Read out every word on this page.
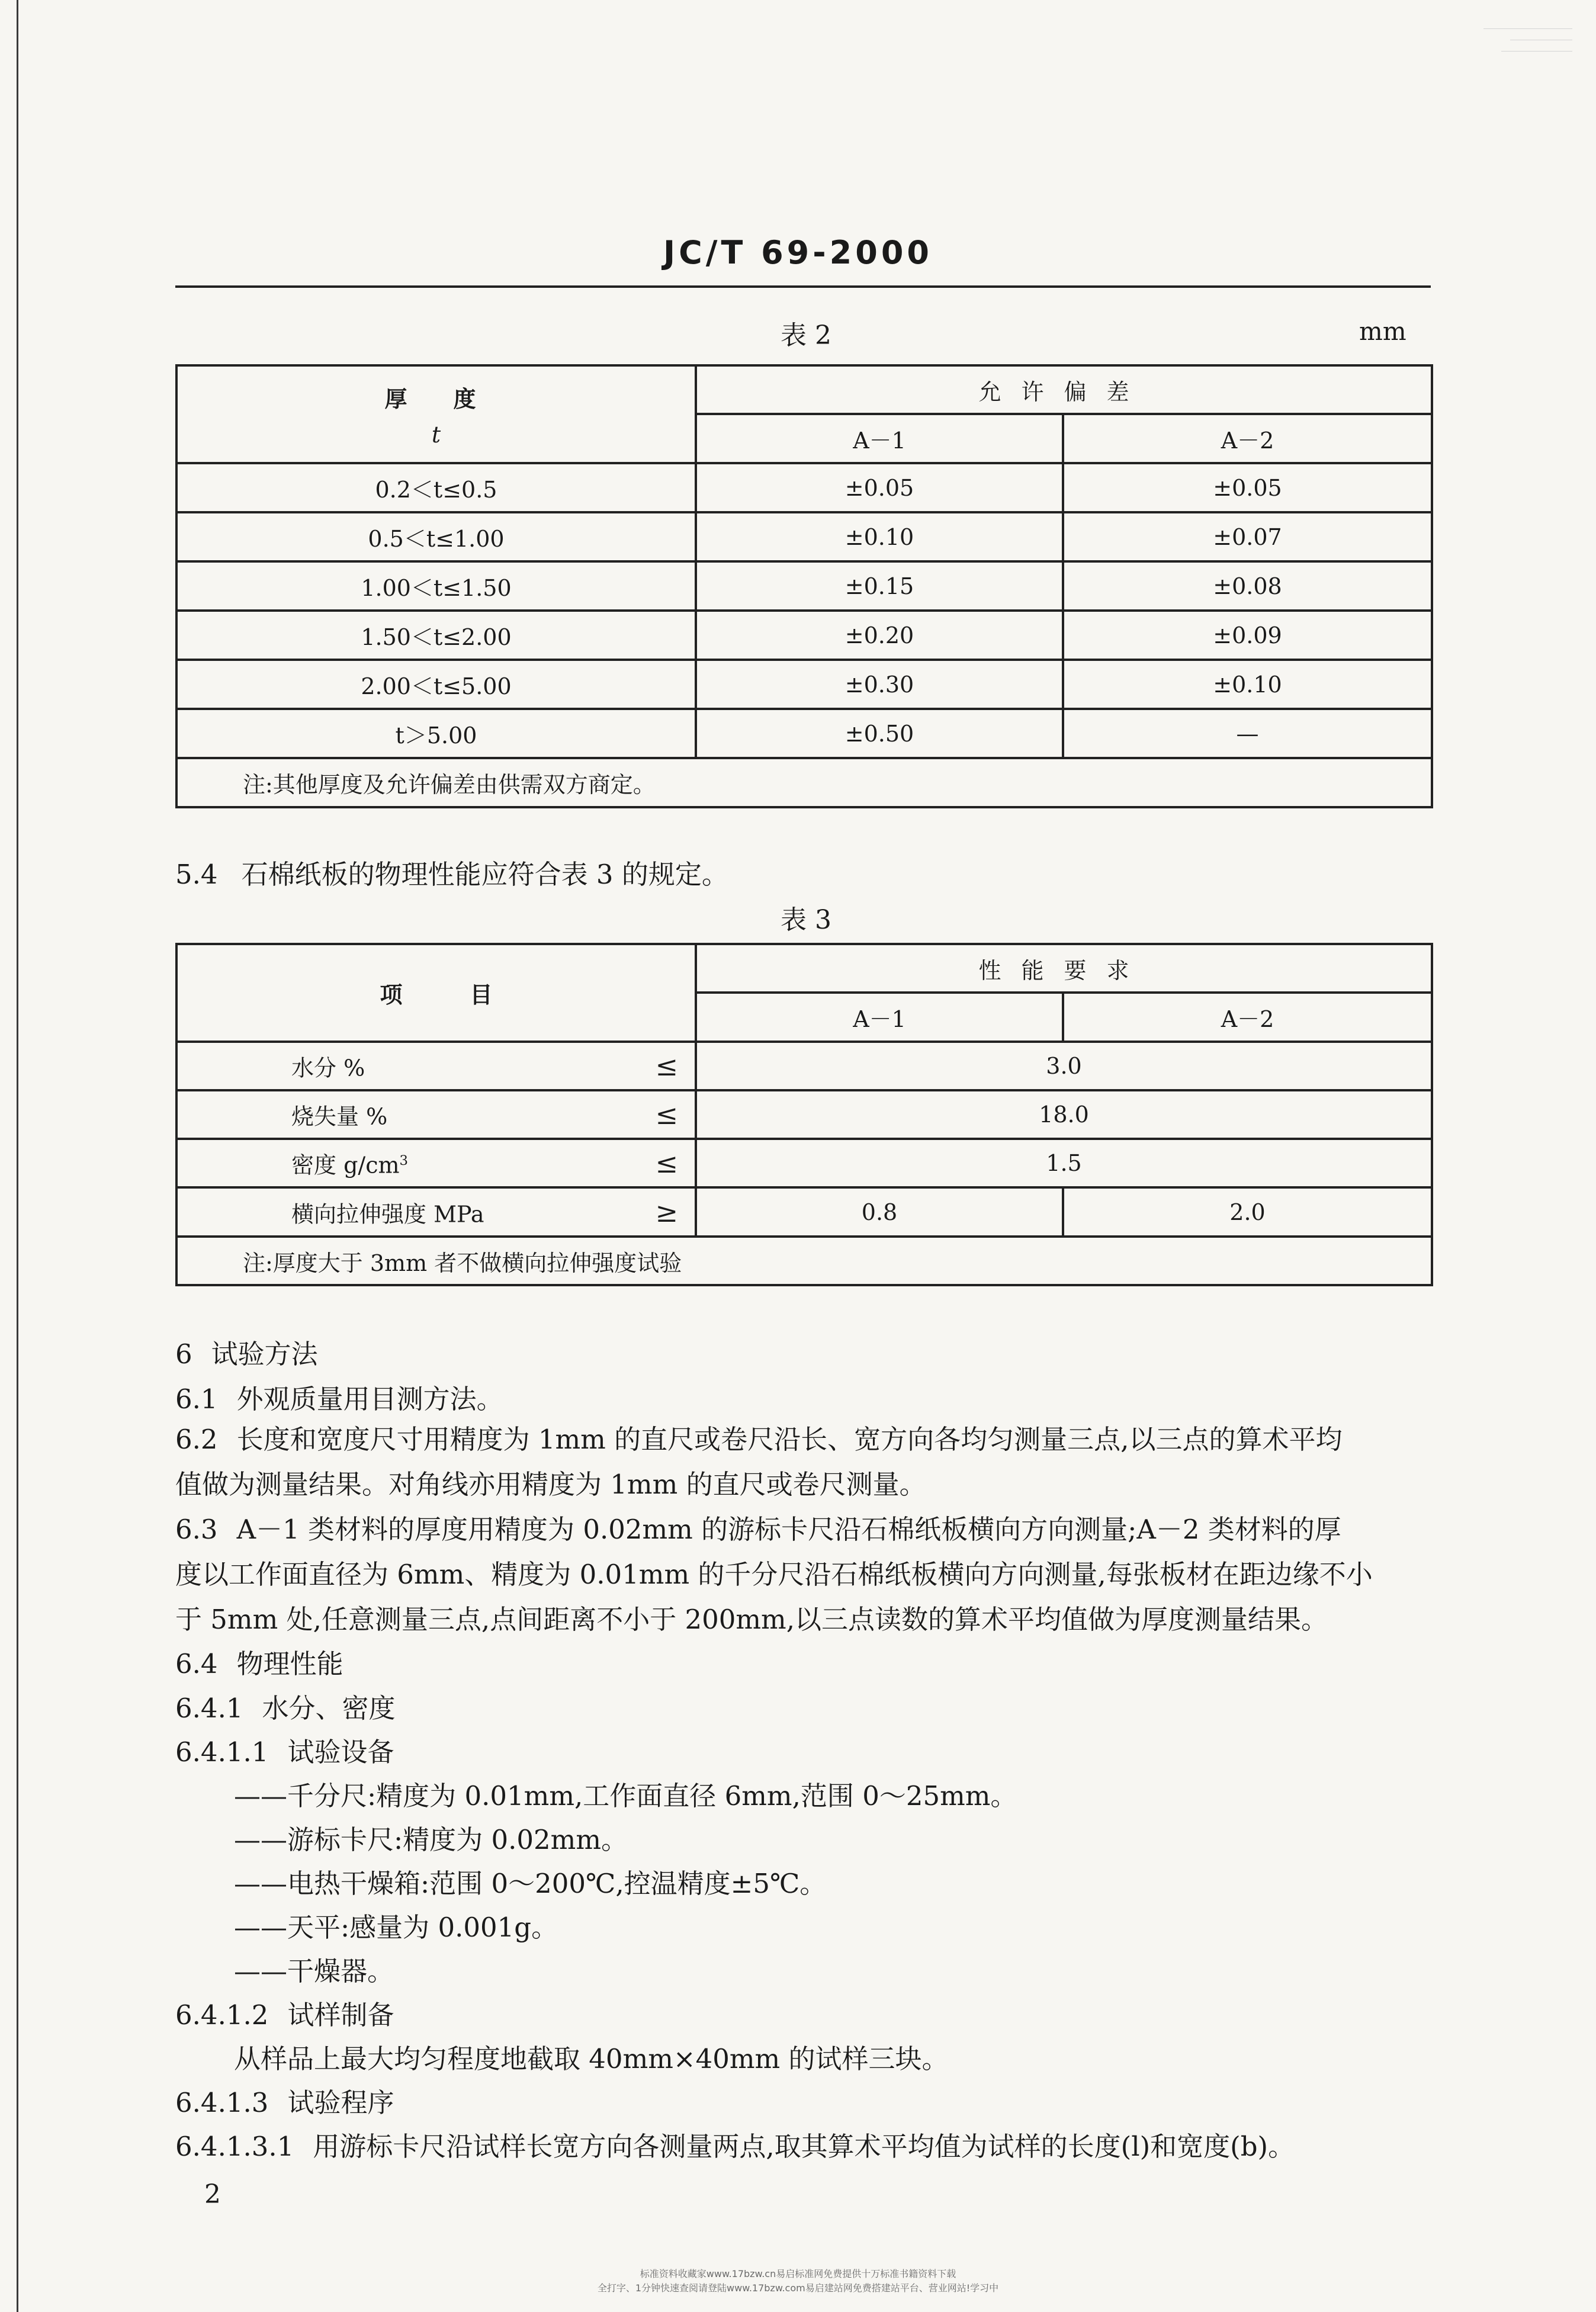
JC/T 69-2000
表 2	mm
厚　度
t	允许偏差	
	A－1	A－2
0.2＜t≤0.5	±0.05	±0.05
0.5＜t≤1.00	±0.10	±0.07
1.00＜t≤1.50	±0.15	±0.08
1.50＜t≤2.00	±0.20	±0.09
2.00＜t≤5.00	±0.30	±0.10
t＞5.00	±0.50	—
注:其他厚度及允许偏差由供需双方商定。		
5.4 石棉纸板的物理性能应符合表 3 的规定。
表 3
项　　　目	性能要求	
	A－1	A－2

水分 % ≤	3.0	

烧失量 % ≤	18.0	

密度 $g/cm^3$ ≤	1.5	

横向拉伸强度 MPa ≥	0.8	2.0
注:厚度大于 3mm 者不做横向拉伸强度试验		
6 试验方法
6.1 外观质量用目测方法。
6.2 长度和宽度尺寸用精度为 1mm 的直尺或卷尺沿长、宽方向各均匀测量三点,以三点的算术平均
值做为测量结果。对角线亦用精度为 1mm 的直尺或卷尺测量。
6.3 A－1 类材料的厚度用精度为 0.02mm 的游标卡尺沿石棉纸板横向方向测量;A－2 类材料的厚
度以工作面直径为 6mm、精度为 0.01mm 的千分尺沿石棉纸板横向方向测量,每张板材在距边缘不小
于 5mm 处,任意测量三点,点间距离不小于 200mm,以三点读数的算术平均值做为厚度测量结果。
6.4 物理性能
6.4.1 水分、密度
6.4.1.1 试验设备
——千分尺:精度为 0.01mm,工作面直径 6mm,范围 0～25mm。
——游标卡尺:精度为 0.02mm。
——电热干燥箱:范围 0～200℃,控温精度±5℃。
——天平:感量为 0.001g。
——干燥器。
6.4.1.2 试样制备
从样品上最大均匀程度地截取 40mm×40mm 的试样三块。
6.4.1.3 试验程序
6.4.1.3.1 用游标卡尺沿试样长宽方向各测量两点,取其算术平均值为试样的长度(l)和宽度(b)。
2
标准资料收藏家www.17bzw.cn易启标准网免费提供十万标准书籍资料下载
全打字、1分钟快速查阅请登陆www.17bzw.com易启建站网免费搭建站平台、营业网站!学习中
